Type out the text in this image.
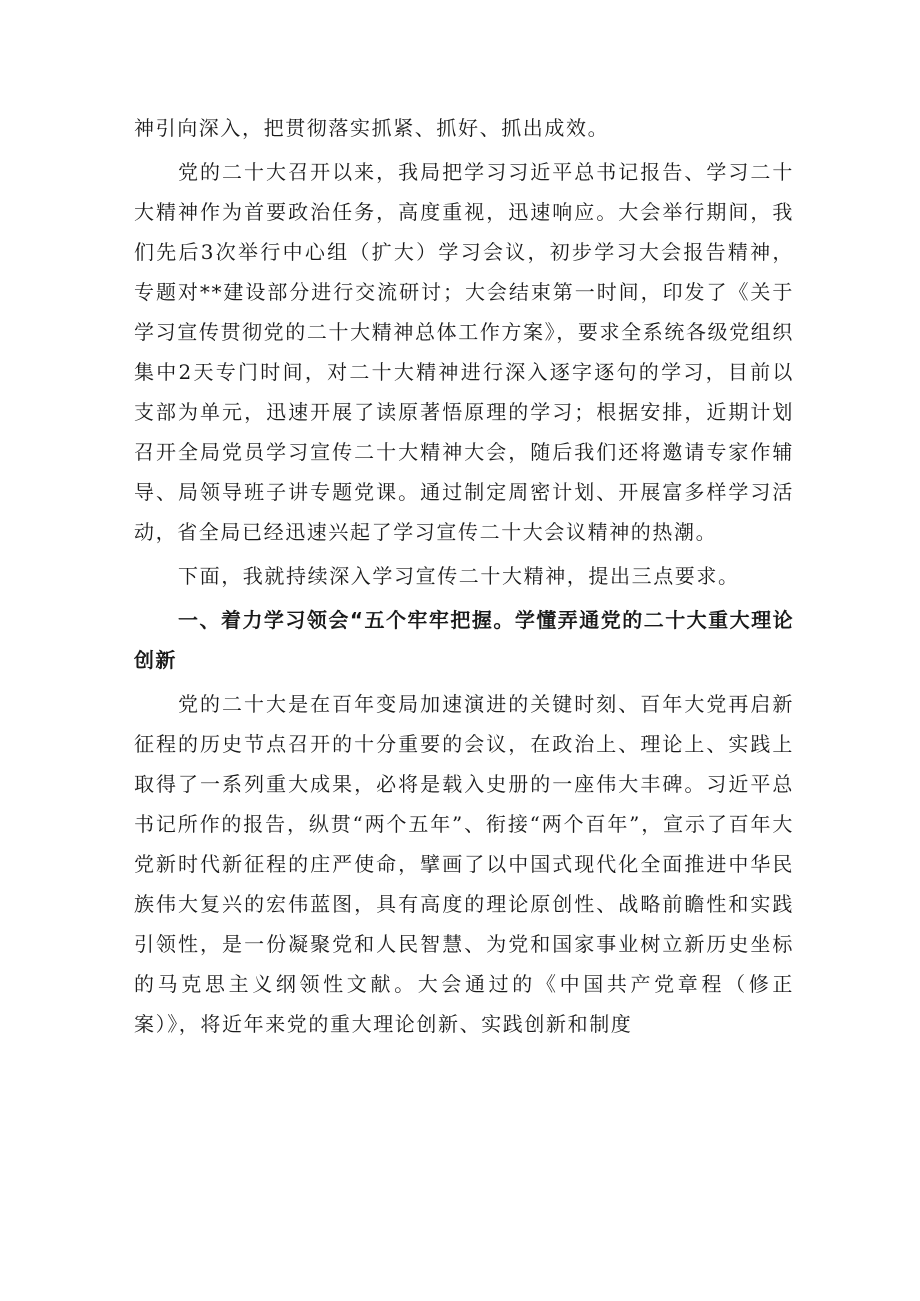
神引向深入，把贯彻落实抓紧、抓好、抓出成效。

党的二十大召开以来，我局把学习习近平总书记报告、学习二十大精神作为首要政治任务，高度重视，迅速响应。大会举行期间，我们先后3次举行中心组（扩大）学习会议，初步学习大会报告精神，专题对**建设部分进行交流研讨；大会结束第一时间，印发了《关于学习宣传贯彻党的二十大精神总体工作方案》，要求全系统各级党组织集中2天专门时间，对二十大精神进行深入逐字逐句的学习，目前以支部为单元，迅速开展了读原著悟原理的学习；根据安排，近期计划召开全局党员学习宣传二十大精神大会，随后我们还将邀请专家作辅导、局领导班子讲专题党课。通过制定周密计划、开展富多样学习活动，省全局已经迅速兴起了学习宣传二十大会议精神的热潮。

下面，我就持续深入学习宣传二十大精神，提出三点要求。

一、着力学习领会“五个牢牢把握。学懂弄通党的二十大重大理论创新

党的二十大是在百年变局加速演进的关键时刻、百年大党再启新征程的历史节点召开的十分重要的会议，在政治上、理论上、实践上取得了一系列重大成果，必将是载入史册的一座伟大丰碑。习近平总书记所作的报告，纵贯“两个五年”、衔接“两个百年”，宣示了百年大党新时代新征程的庄严使命，擘画了以中国式现代化全面推进中华民族伟大复兴的宏伟蓝图，具有高度的理论原创性、战略前瞻性和实践引领性，是一份凝聚党和人民智慧、为党和国家事业树立新历史坐标的马克思主义纲领性文献。大会通过的《中国共产党章程（修正案）》，将近年来党的重大理论创新、实践创新和制度
